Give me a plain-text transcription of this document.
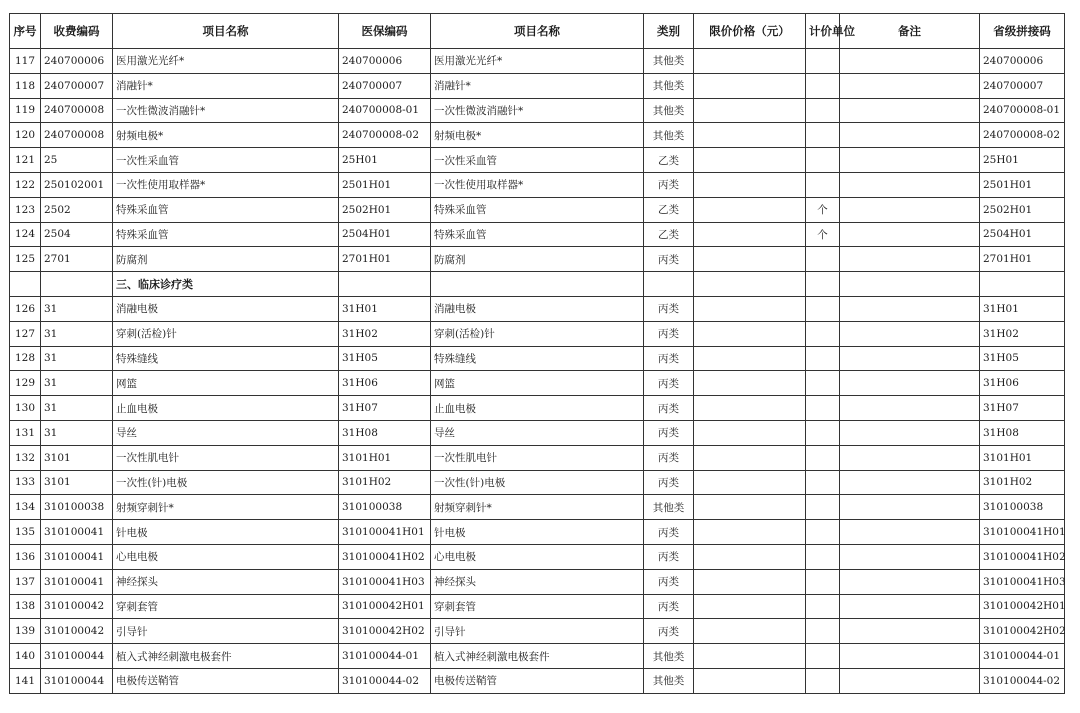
序号	收费编码	项目名称	医保编码	项目名称	类别	限价价格（元）	计价单位	备注	省级拼接码
117	240700006	医用激光光纤*	240700006	医用激光光纤*	其他类				240700006
118	240700007	消融针*	240700007	消融针*	其他类				240700007
119	240700008	一次性微波消融针*	240700008-01	一次性微波消融针*	其他类				240700008-01
120	240700008	射频电极*	240700008-02	射频电极*	其他类				240700008-02
121	25	一次性采血管	25H01	一次性采血管	乙类				25H01
122	250102001	一次性使用取样器*	2501H01	一次性使用取样器*	丙类				2501H01
123	2502	特殊采血管	2502H01	特殊采血管	乙类		个		2502H01
124	2504	特殊采血管	2504H01	特殊采血管	乙类		个		2504H01
125	2701	防腐剂	2701H01	防腐剂	丙类				2701H01
		三、临床诊疗类							
126	31	消融电极	31H01	消融电极	丙类				31H01
127	31	穿刺(活检)针	31H02	穿刺(活检)针	丙类				31H02
128	31	特殊缝线	31H05	特殊缝线	丙类				31H05
129	31	网篮	31H06	网篮	丙类				31H06
130	31	止血电极	31H07	止血电极	丙类				31H07
131	31	导丝	31H08	导丝	丙类				31H08
132	3101	一次性肌电针	3101H01	一次性肌电针	丙类				3101H01
133	3101	一次性(针)电极	3101H02	一次性(针)电极	丙类				3101H02
134	310100038	射频穿刺针*	310100038	射频穿刺针*	其他类				310100038
135	310100041	针电极	310100041H01	针电极	丙类				310100041H01
136	310100041	心电电极	310100041H02	心电电极	丙类				310100041H02
137	310100041	神经探头	310100041H03	神经探头	丙类				310100041H03
138	310100042	穿刺套管	310100042H01	穿刺套管	丙类				310100042H01
139	310100042	引导针	310100042H02	引导针	丙类				310100042H02
140	310100044	植入式神经刺激电极套件	310100044-01	植入式神经刺激电极套件	其他类				310100044-01
141	310100044	电极传送鞘管	310100044-02	电极传送鞘管	其他类				310100044-02
